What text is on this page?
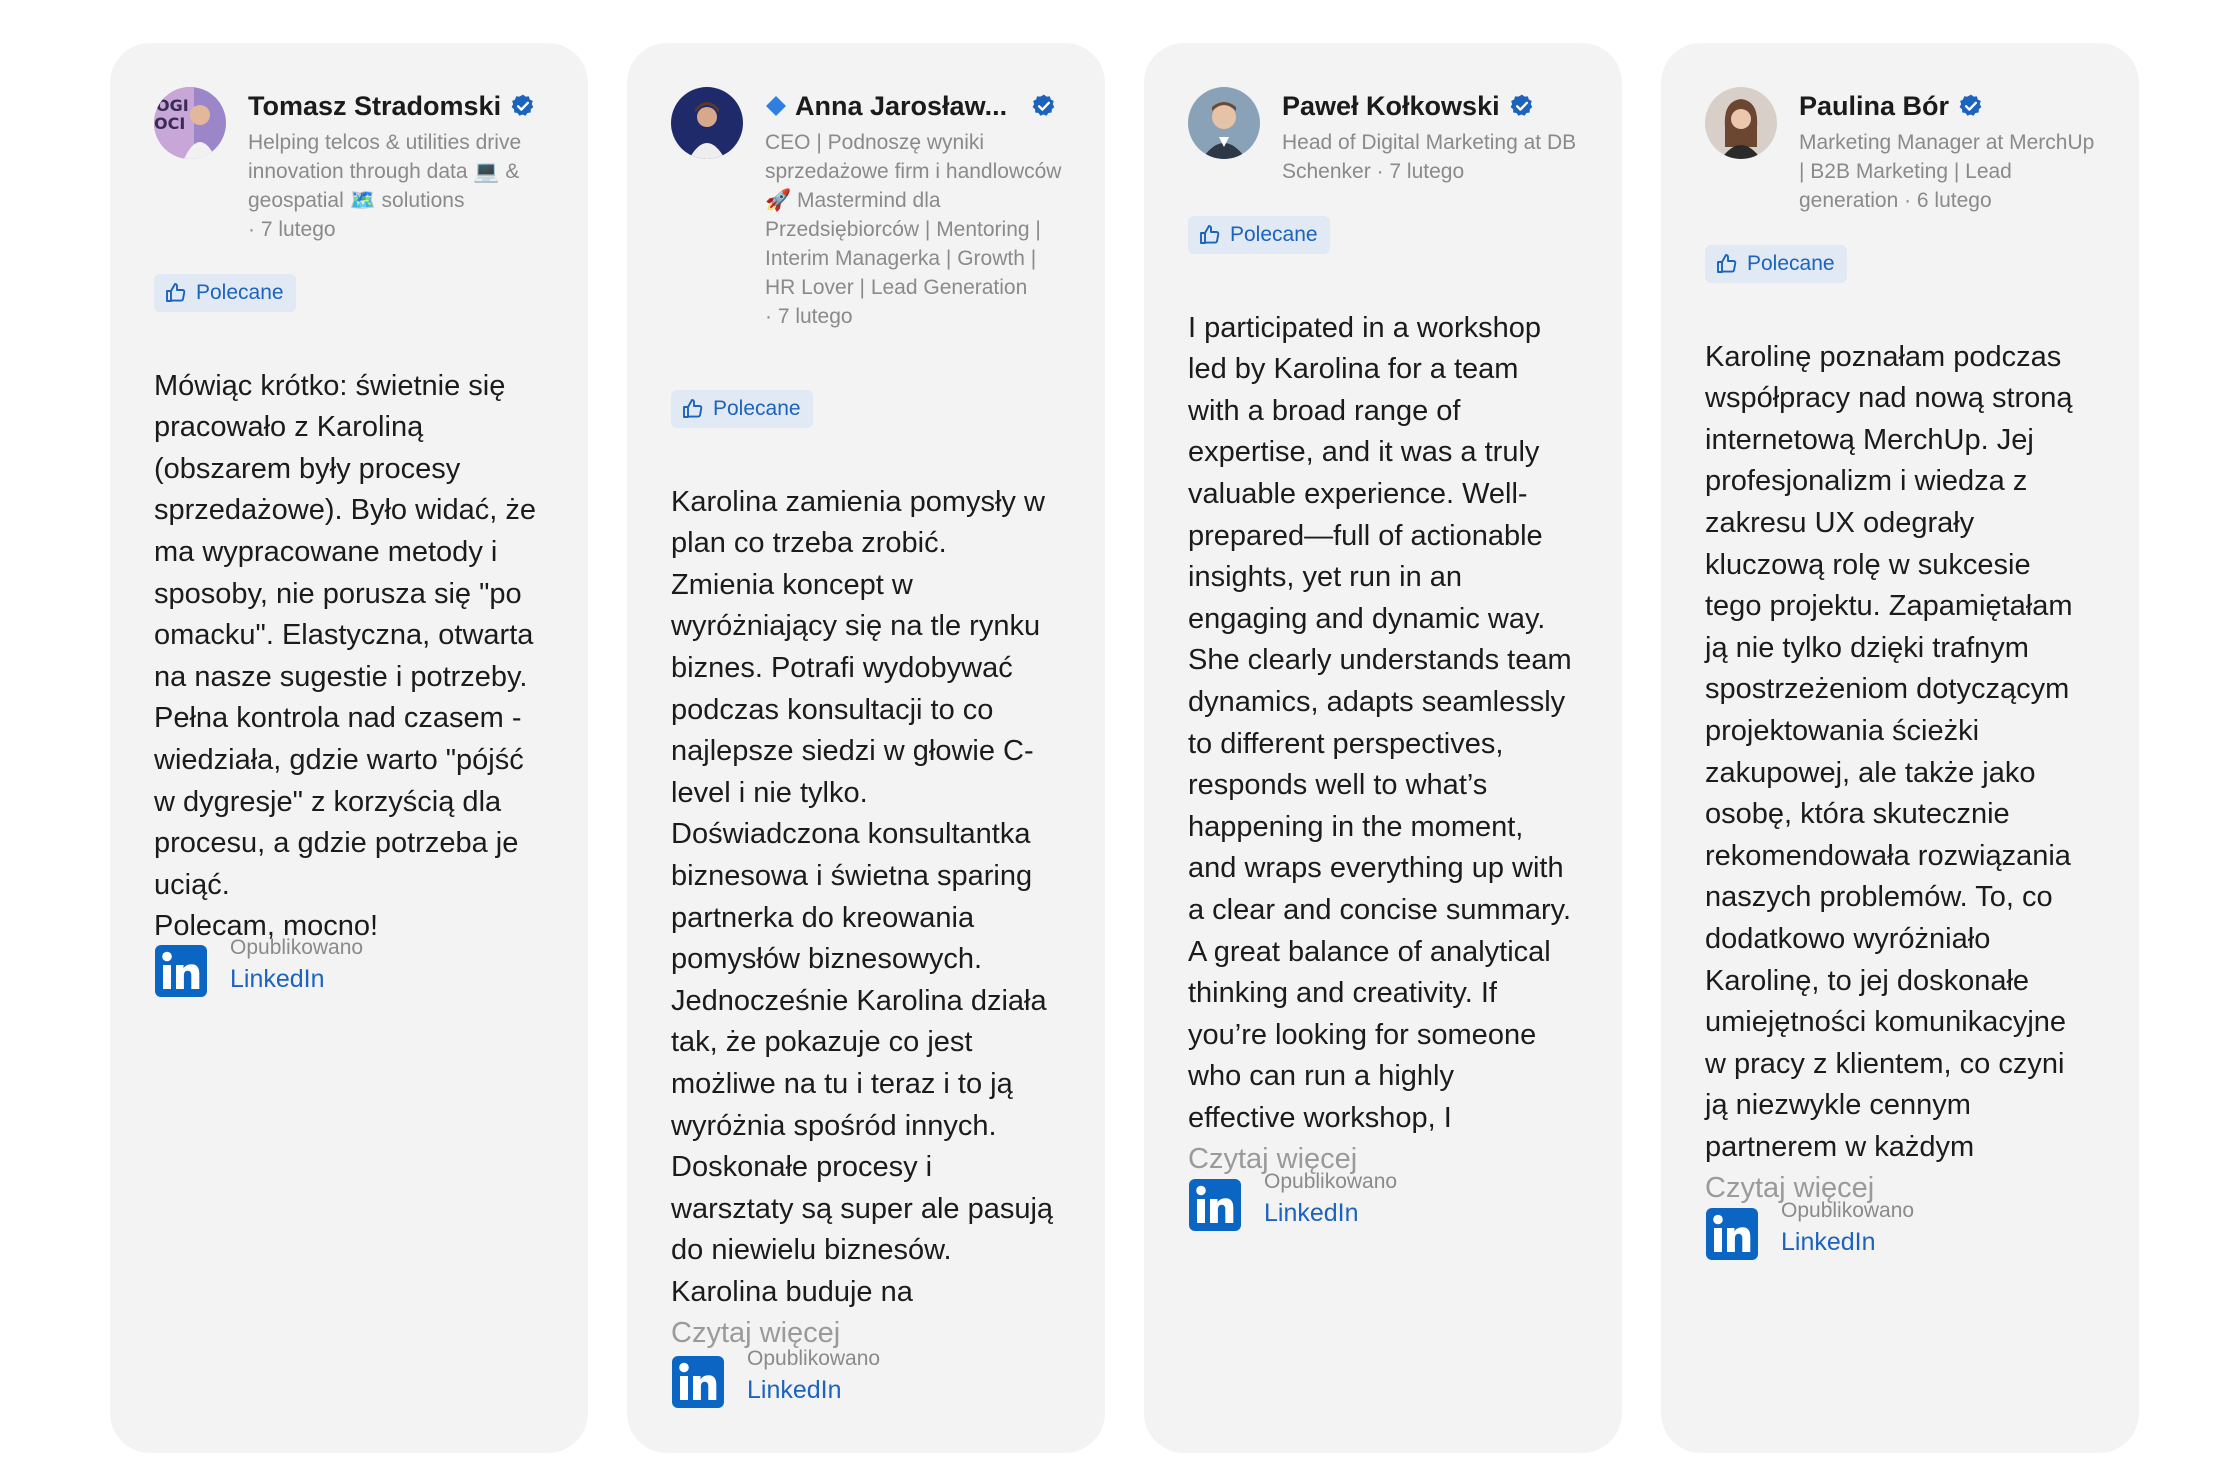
OGI
OCI
Tomasz Stradomski
Helping telcos & utilities drive innovation through data 💻 & geospatial 🗺️ solutions · 7 lutego
Polecane

Mówiąc krótko: świetnie się
pracowało z Karoliną
(obszarem były procesy
sprzedażowe). Było widać, że
ma wypracowane metody i
sposoby, nie porusza się "po
omacku". Elastyczna, otwarta
na nasze sugestie i potrzeby.
Pełna kontrola nad czasem -
wiedziała, gdzie warto "pójść
w dygresje" z korzyścią dla
procesu, a gdzie potrzeba je
uciąć.
Polecam, mocno!

Opublikowano
LinkedIn
Anna Jarosław...
CEO | Podnoszę wyniki sprzedażowe firm i handlowców 🚀 Mastermind dla Przedsiębiorców | Mentoring | Interim Managerka | Growth | HR Lover | Lead Generation · 7 lutego
Polecane

Karolina zamienia pomysły w
plan co trzeba zrobić.
Zmienia koncept w
wyróżniający się na tle rynku
biznes. Potrafi wydobywać
podczas konsultacji to co
najlepsze siedzi w głowie C-
level i nie tylko.
Doświadczona konsultantka
biznesowa i świetna sparing
partnerka do kreowania
pomysłów biznesowych.
Jednocześnie Karolina działa
tak, że pokazuje co jest
możliwe na tu i teraz i to ją
wyróżnia spośród innych.
Doskonałe procesy i
warsztaty są super ale pasują
do niewielu biznesów.
Karolina buduje na

Czytaj więcej

Opublikowano
LinkedIn
Paweł Kołkowski
Head of Digital Marketing at DB Schenker · 7 lutego
Polecane

I participated in a workshop
led by Karolina for a team
with a broad range of
expertise, and it was a truly
valuable experience. Well-
prepared—full of actionable
insights, yet run in an
engaging and dynamic way.
She clearly understands team
dynamics, adapts seamlessly
to different perspectives,
responds well to what’s
happening in the moment,
and wraps everything up with
a clear and concise summary.
A great balance of analytical
thinking and creativity. If
you’re looking for someone
who can run a highly
effective workshop, I

Czytaj więcej

Opublikowano
LinkedIn
Paulina Bór
Marketing Manager at MerchUp | B2B Marketing | Lead generation · 6 lutego
Polecane

Karolinę poznałam podczas
współpracy nad nową stroną
internetową MerchUp. Jej
profesjonalizm i wiedza z
zakresu UX odegrały
kluczową rolę w sukcesie
tego projektu. Zapamiętałam
ją nie tylko dzięki trafnym
spostrzeżeniom dotyczącym
projektowania ścieżki
zakupowej, ale także jako
osobę, która skutecznie
rekomendowała rozwiązania
naszych problemów. To, co
dodatkowo wyróżniało
Karolinę, to jej doskonałe
umiejętności komunikacyjne
w pracy z klientem, co czyni
ją niezwykle cennym
partnerem w każdym

Czytaj więcej

Opublikowano
LinkedIn
